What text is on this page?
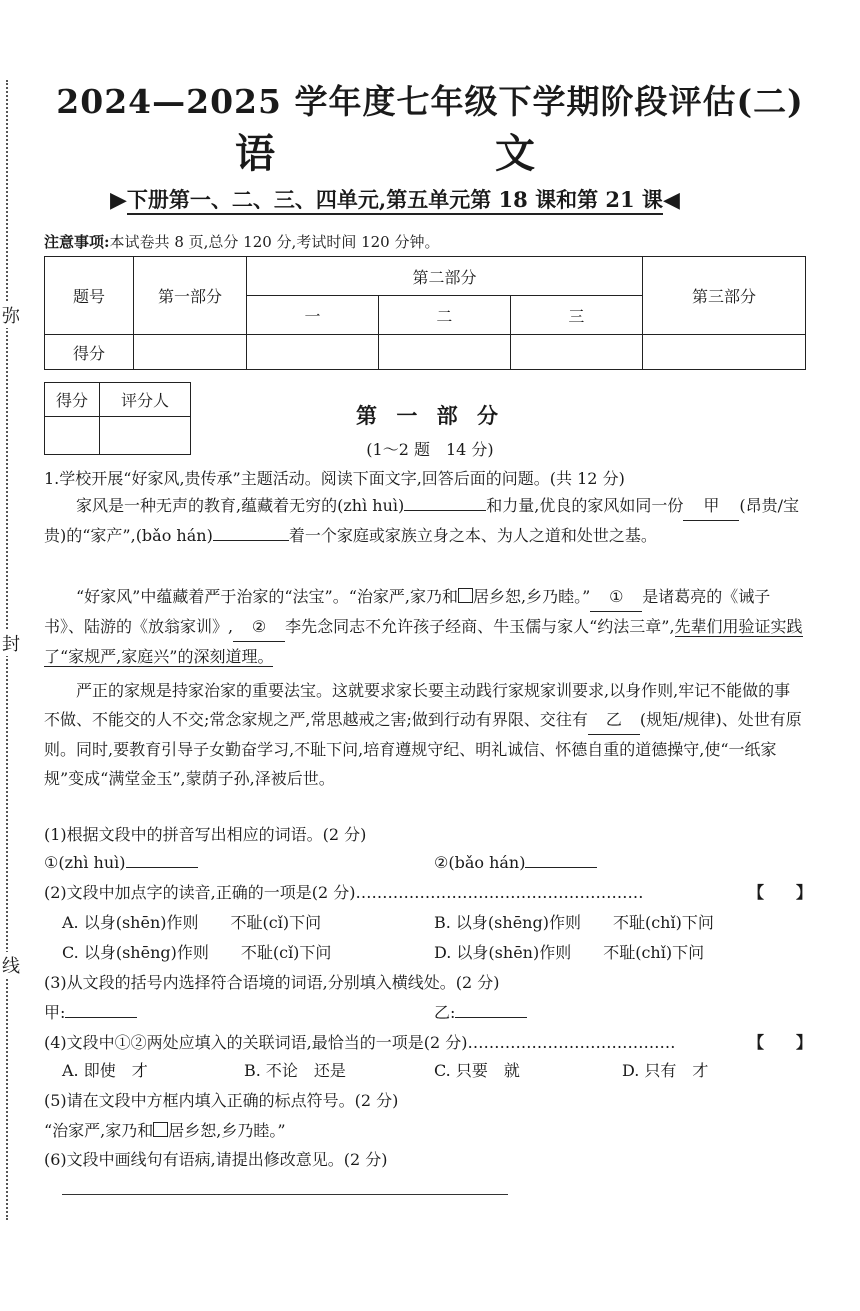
弥
封
线
2024—2025 学年度七年级下学期阶段评估(二)
语　文
▶下册第一、二、三、四单元,第五单元第 18 课和第 21 课◀
注意事项:本试卷共 8 页,总分 120 分,考试时间 120 分钟。
题号	第一部分	第二部分			第三部分
		一	二	三	
得分					
得分	评分人

第 一 部 分
(1～2 题　14 分)
1.学校开展“好家风,贵传承”主题活动。阅读下面文字,回答后面的问题。(共 12 分)
家风是一种无声的教育,蕴藏着无穷的(zhì huì)	和力量,优良的家风如同一份 甲 (昂贵/宝贵)的“家产”,(bǎo hán)	着一个家庭或家族立身之本、为人之道和处世之基。
“好家风”中蕴藏着严于治家的“法宝”。“治家严,家乃和 居乡恕,乡乃睦。” ① 是诸葛亮的《诫子书》、陆游的《放翁家训》, ② 李先念同志不允许孩子经商、牛玉儒与家人“约法三章”,先辈们用验证实践了“家规严,家庭兴”的深刻道理。
严正的家规是持家治家的重要法宝。这就要求家长要主动践行家规家训要求,以身作则,牢记不能做的事不做、不能交的人不交;常念家规之严,常思越戒之害;做到行动有界限、交往有 乙 (规矩/规律)、处世有原则。同时,要教育引导子女勤奋学习,不耻下问,培育遵规守纪、明礼诚信、怀德自重的道德操守,使“一纸家规”变成“满堂金玉”,蒙荫子孙,泽被后世。
(1)根据文段中的拼音写出相应的词语。(2 分)
①(zhì huì)	②(bǎo hán)
(2)文段中加点字的读音,正确的一项是(2 分)………………………………………………	【　　】
A. 以身(shēn)作则　　不耻(cǐ)下问	B. 以身(shēng)作则　　不耻(chǐ)下问
C. 以身(shēng)作则　　不耻(cǐ)下问	D. 以身(shēn)作则　　不耻(chǐ)下问
(3)从文段的括号内选择符合语境的词语,分别填入横线处。(2 分)
甲:	乙:
(4)文段中①②两处应填入的关联词语,最恰当的一项是(2 分)…………………………………	【　　】
A. 即使　才	B. 不论　还是	C. 只要　就	D. 只有　才
(5)请在文段中方框内填入正确的标点符号。(2 分)
“治家严,家乃和 居乡恕,乡乃睦。”
(6)文段中画线句有语病,请提出修改意见。(2 分)
